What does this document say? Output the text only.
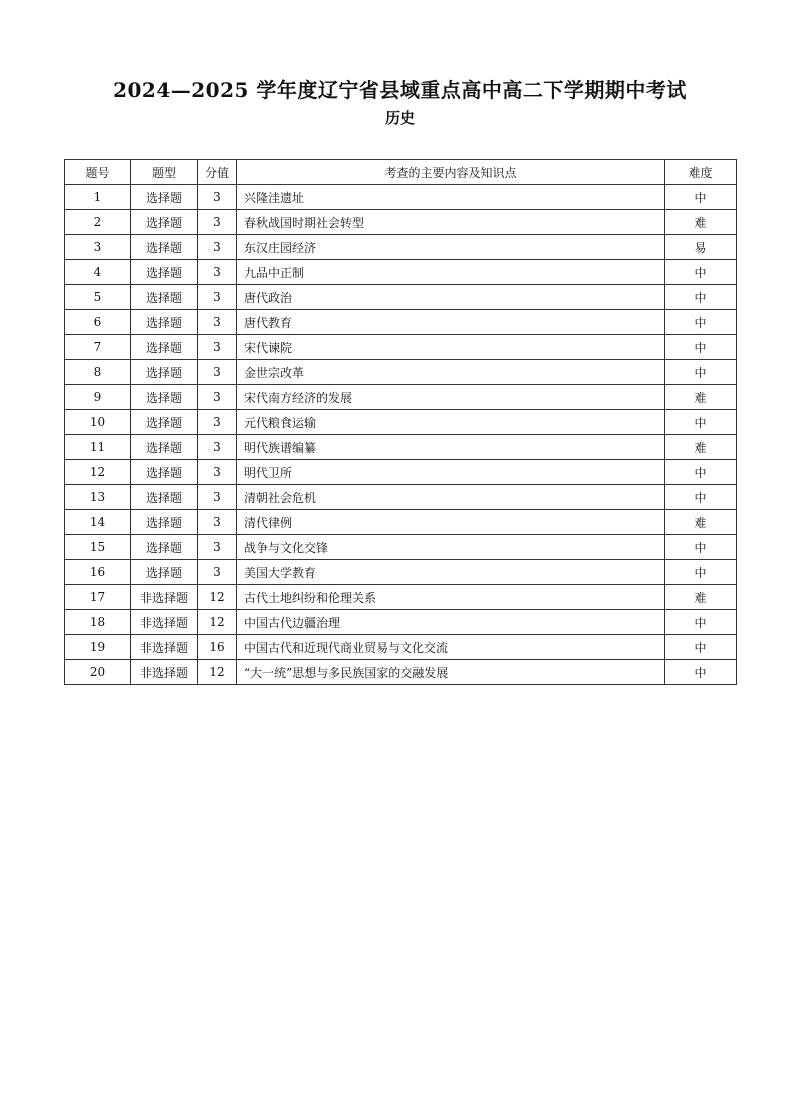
2024—2025 学年度辽宁省县域重点高中高二下学期期中考试
历史
题号	题型	分值	考查的主要内容及知识点	难度
1	选择题	3	兴隆洼遗址	中
2	选择题	3	春秋战国时期社会转型	难
3	选择题	3	东汉庄园经济	易
4	选择题	3	九品中正制	中
5	选择题	3	唐代政治	中
6	选择题	3	唐代教育	中
7	选择题	3	宋代谏院	中
8	选择题	3	金世宗改革	中
9	选择题	3	宋代南方经济的发展	难
10	选择题	3	元代粮食运输	中
11	选择题	3	明代族谱编纂	难
12	选择题	3	明代卫所	中
13	选择题	3	清朝社会危机	中
14	选择题	3	清代律例	难
15	选择题	3	战争与文化交锋	中
16	选择题	3	美国大学教育	中
17	非选择题	12	古代土地纠纷和伦理关系	难
18	非选择题	12	中国古代边疆治理	中
19	非选择题	16	中国古代和近现代商业贸易与文化交流	中
20	非选择题	12	“大一统”思想与多民族国家的交融发展	中
